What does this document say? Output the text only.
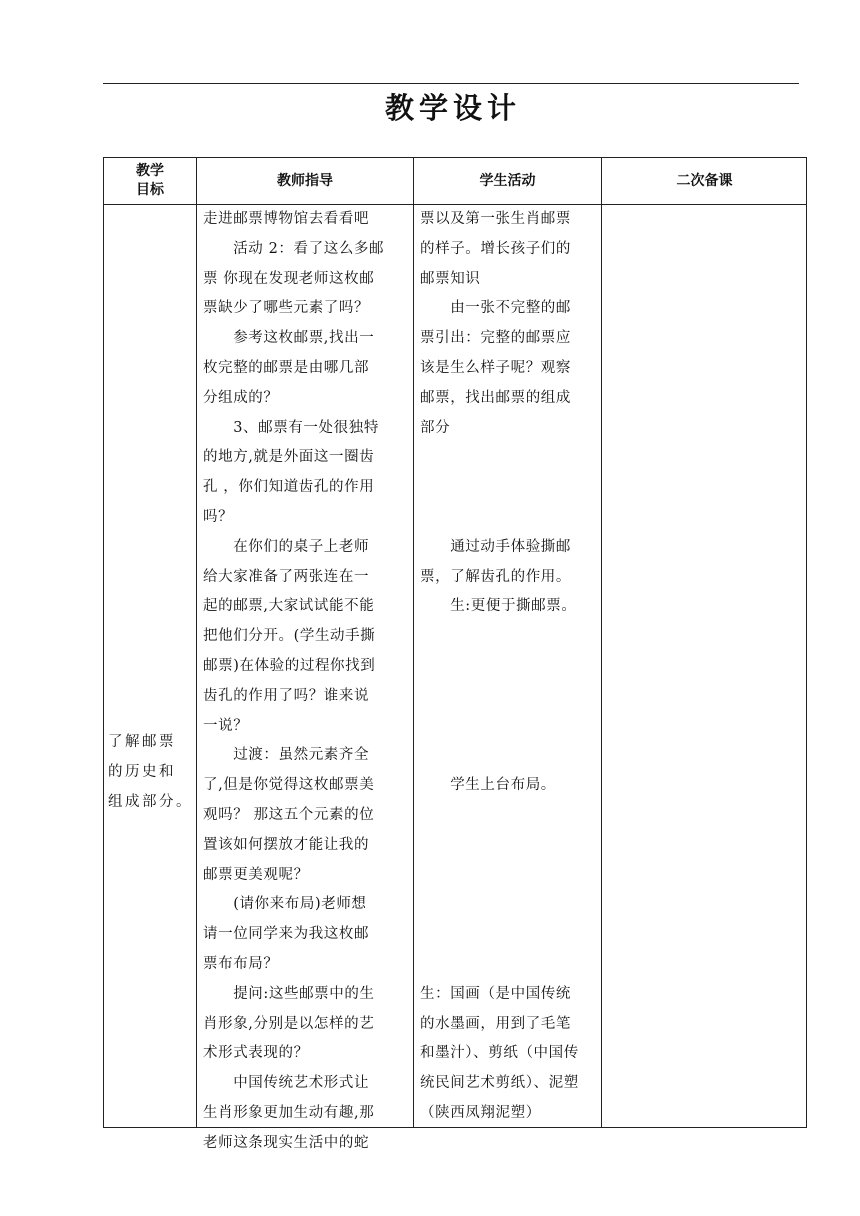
教学设计
教学
目标
教师指导	学生活动	二次备课
了解邮票
的历史和
组成部分。

走进邮票博物馆去看看吧

　　活动 2：看了这么多邮

票 你现在发现老师这枚邮

票缺少了哪些元素了吗？

　　参考这枚邮票,找出一

枚完整的邮票是由哪几部

分组成的？

　　3、邮票有一处很独特

的地方,就是外面这一圈齿

孔 ，你们知道齿孔的作用

吗？

　　在你们的桌子上老师

给大家准备了两张连在一

起的邮票,大家试试能不能

把他们分开。(学生动手撕

邮票)在体验的过程你找到

齿孔的作用了吗？谁来说

一说？

　　过渡：虽然元素齐全

了,但是你觉得这枚邮票美

观吗？ 那这五个元素的位

置该如何摆放才能让我的

邮票更美观呢？

　　(请你来布局)老师想

请一位同学来为我这枚邮

票布布局？

　　提问:这些邮票中的生

肖形象,分别是以怎样的艺

术形式表现的？

　　中国传统艺术形式让

生肖形象更加生动有趣,那

老师这条现实生活中的蛇

票以及第一张生肖邮票

的样子。增长孩子们的

邮票知识

　　由一张不完整的邮

票引出：完整的邮票应

该是生么样子呢？观察

邮票，找出邮票的组成

部分

　　通过动手体验撕邮

票，了解齿孔的作用。

　　生:更便于撕邮票。

　　学生上台布局。

生：国画（是中国传统

的水墨画，用到了毛笔

和墨汁）、剪纸（中国传

统民间艺术剪纸）、泥塑

（陕西凤翔泥塑）
